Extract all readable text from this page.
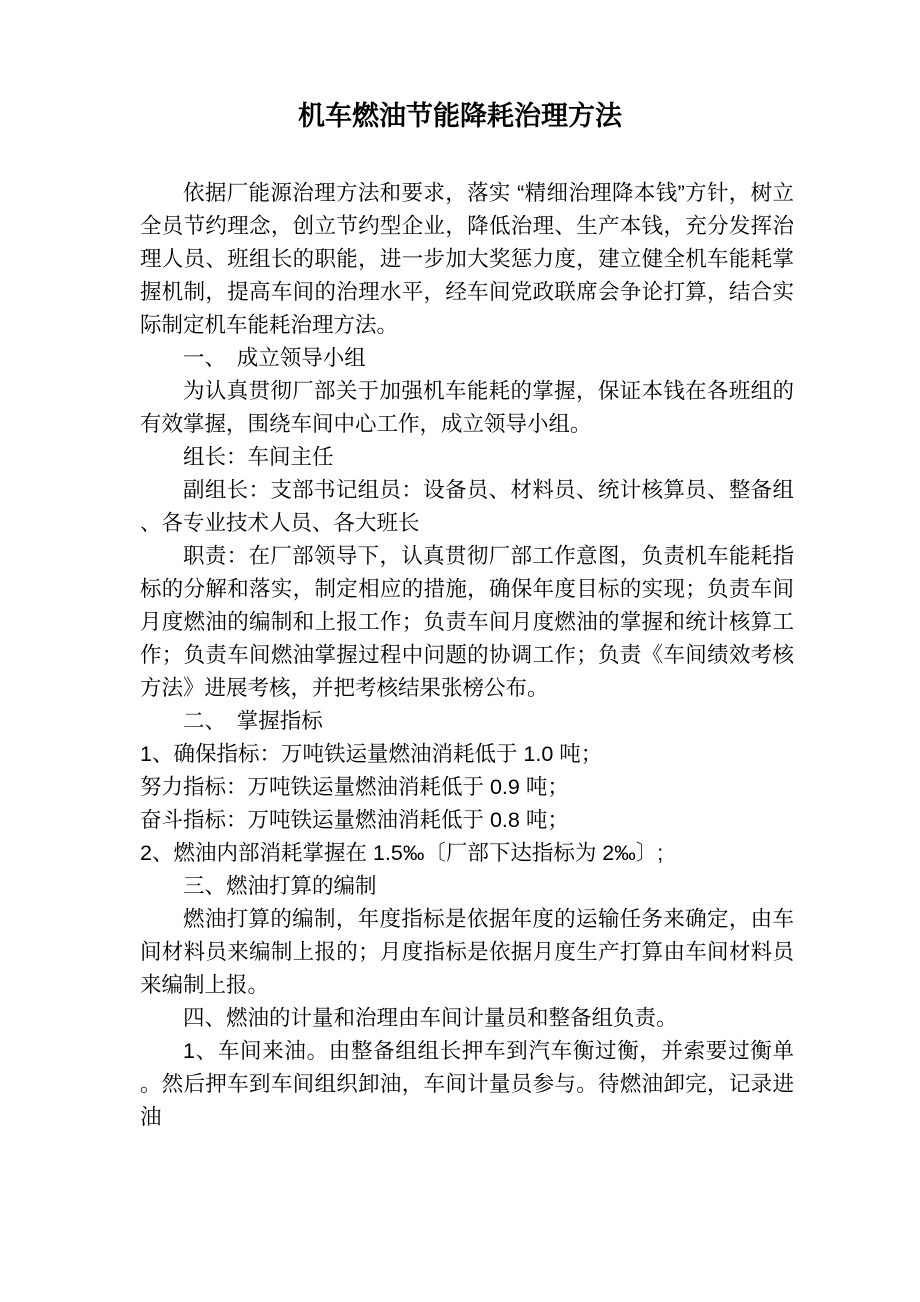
机车燃油节能降耗治理方法

依据厂能源治理方法和要求，落实 “精细治理降本钱”方针，树立全员节约理念，创立节约型企业，降低治理、生产本钱，充分发挥治理人员、班组长的职能，进一步加大奖惩力度，建立健全机车能耗掌握机制，提高车间的治理水平，经车间党政联席会争论打算，结合实际制定机车能耗治理方法。

一、　成立领导小组

为认真贯彻厂部关于加强机车能耗的掌握，保证本钱在各班组的有效掌握，围绕车间中心工作，成立领导小组。

组长：车间主任

副组长：支部书记组员：设备员、材料员、统计核算员、整备组、各专业技术人员、各大班长

职责：在厂部领导下，认真贯彻厂部工作意图，负责机车能耗指标的分解和落实，制定相应的措施，确保年度目标的实现；负责车间月度燃油的编制和上报工作；负责车间月度燃油的掌握和统计核算工作；负责车间燃油掌握过程中问题的协调工作；负责《车间绩效考核方法》进展考核，并把考核结果张榜公布。

二、　掌握指标

1、确保指标：万吨铁运量燃油消耗低于 1.0 吨；

努力指标：万吨铁运量燃油消耗低于 0.9 吨；

奋斗指标：万吨铁运量燃油消耗低于 0.8 吨；

2、燃油内部消耗掌握在 1.5‰〔厂部下达指标为 2‰〕;

三、燃油打算的编制

燃油打算的编制，年度指标是依据年度的运输任务来确定，由车间材料员来编制上报的；月度指标是依据月度生产打算由车间材料员来编制上报。

四、燃油的计量和治理由车间计量员和整备组负责。

1、车间来油。由整备组组长押车到汽车衡过衡，并索要过衡单。然后押车到车间组织卸油，车间计量员参与。待燃油卸完，记录进油
